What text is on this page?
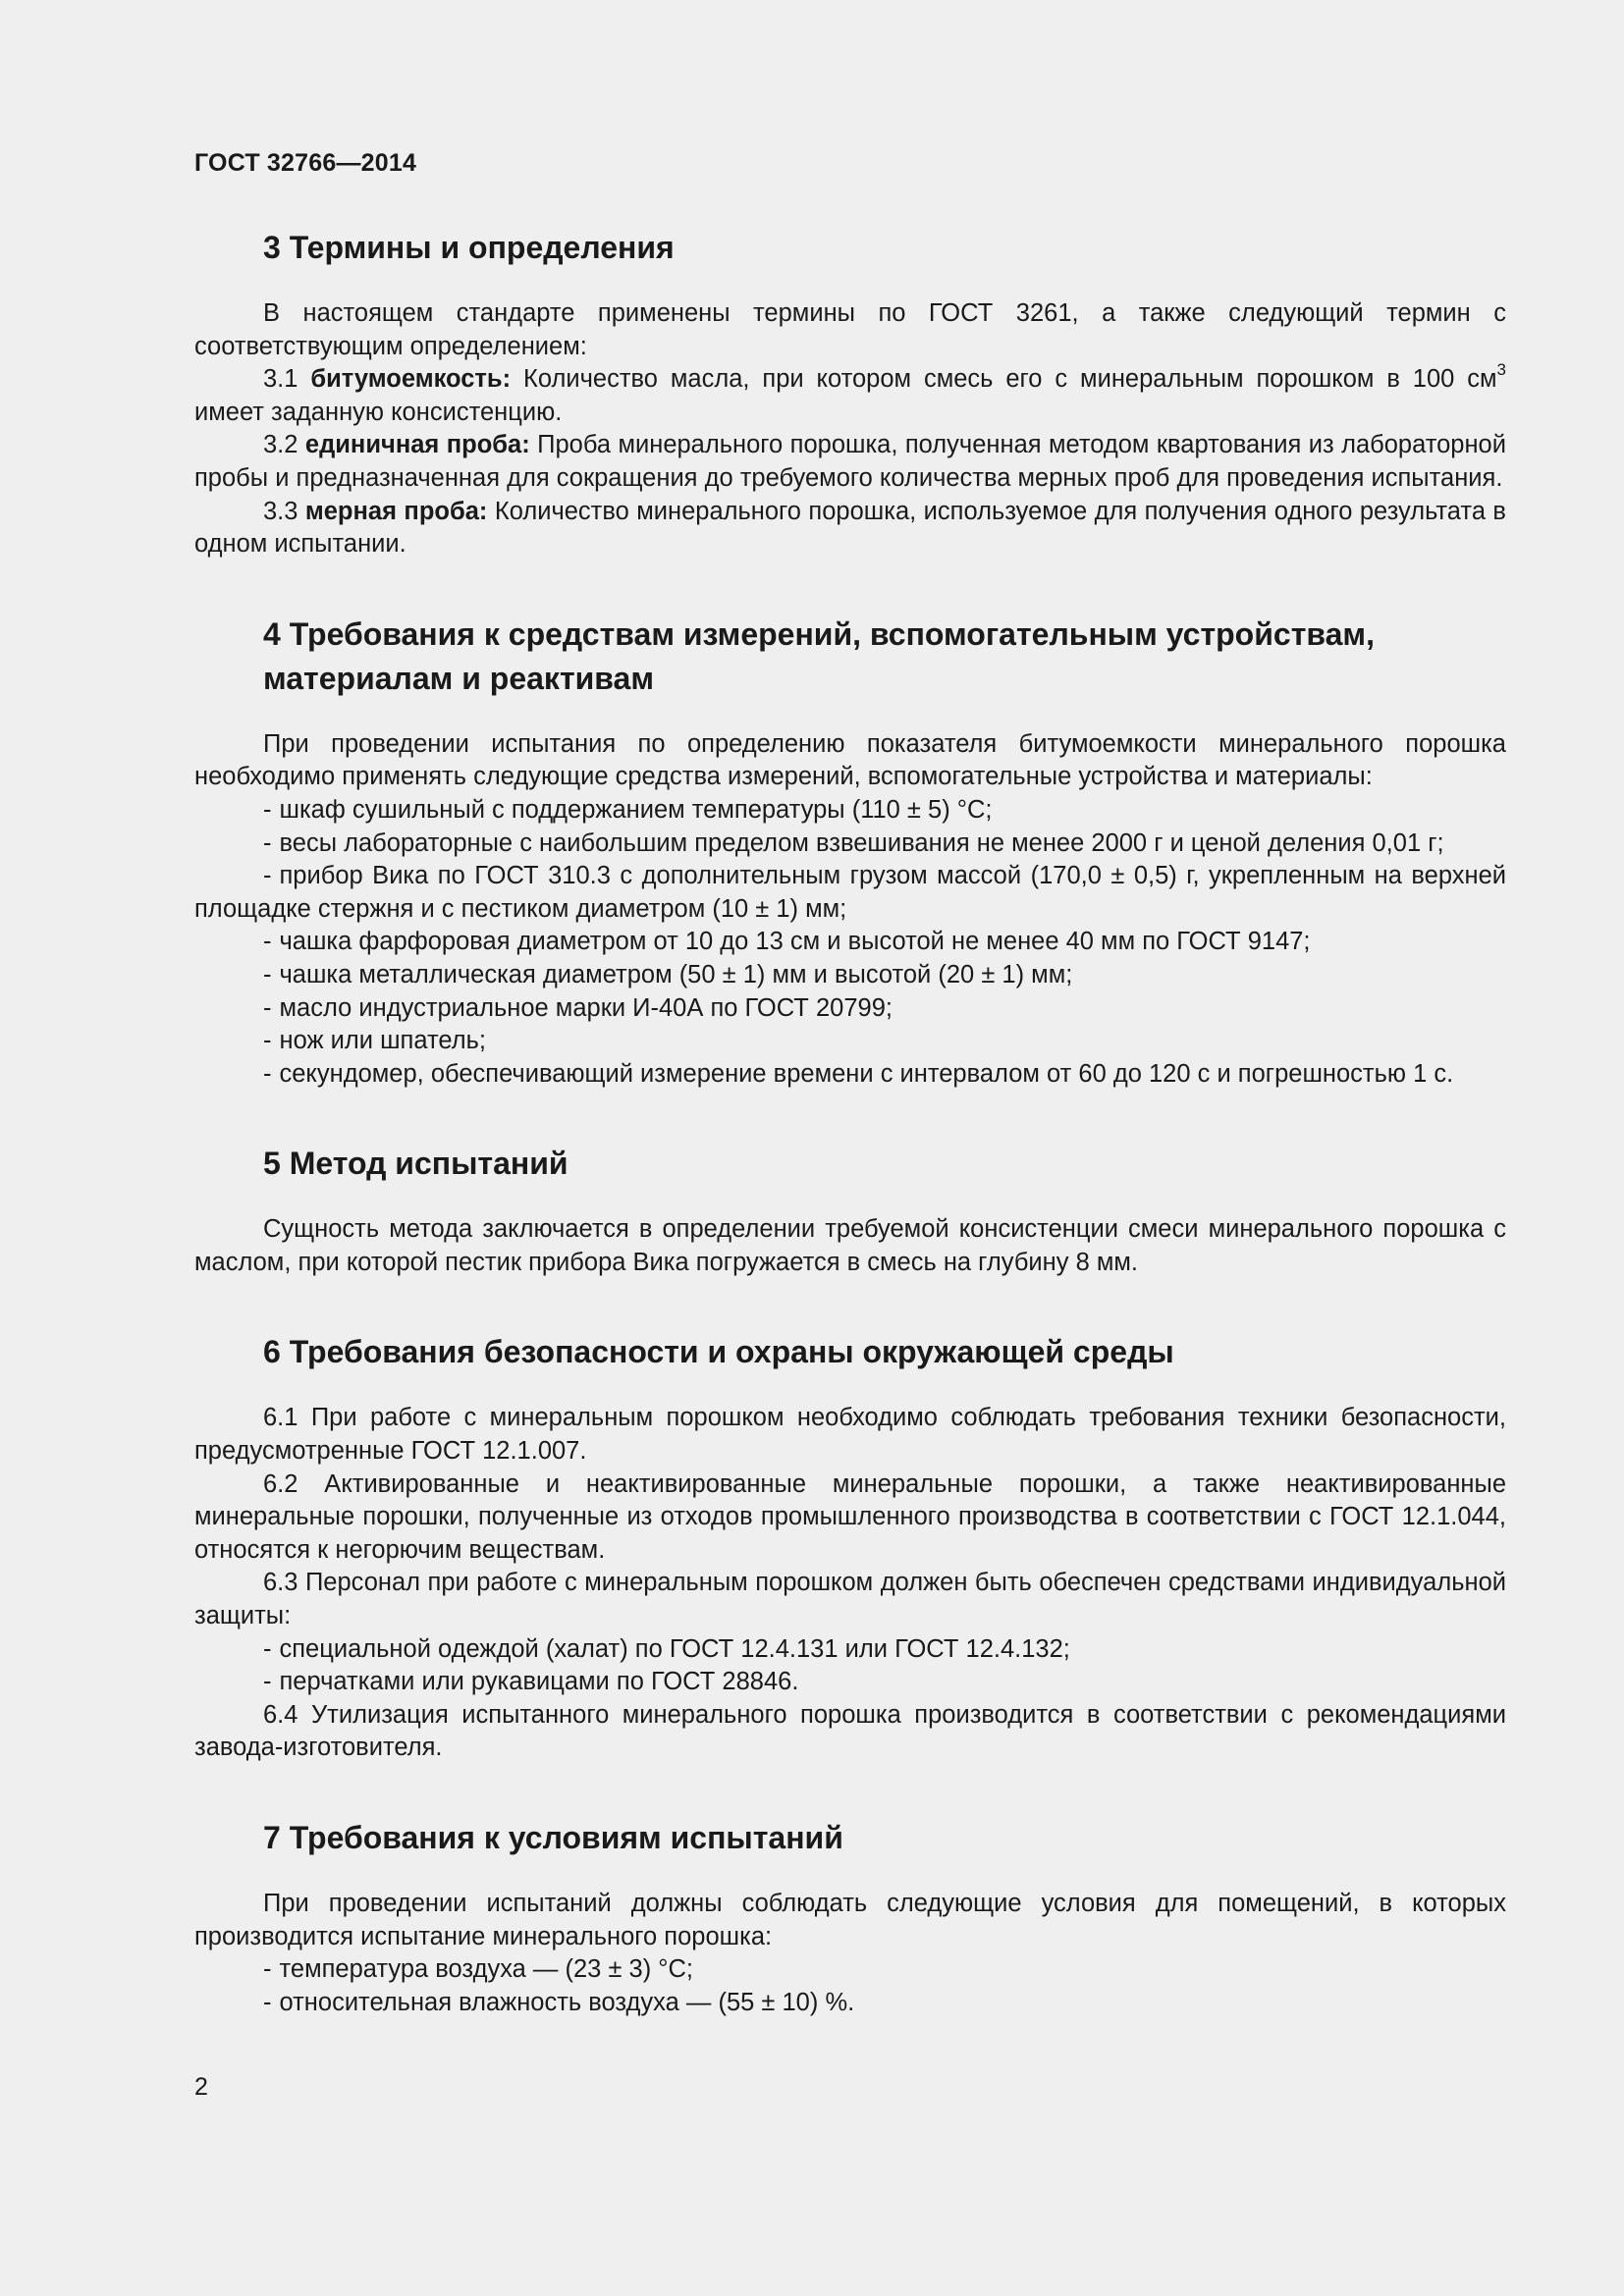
ГОСТ 32766—2014
3 Термины и определения

В настоящем стандарте применены термины по ГОСТ 3261, а также следующий термин с соответствующим определением:

3.1 битумоемкость: Количество масла, при котором смесь его с минеральным порошком в 100 $см^3$ имеет заданную консистенцию.

3.2 единичная проба: Проба минерального порошка, полученная методом квартования из лабораторной пробы и предназначенная для сокращения до требуемого количества мерных проб для проведения испытания.

3.3 мерная проба: Количество минерального порошка, используемое для получения одного результата в одном испытании.

4 Требования к средствам измерений, вспомогательным устройствам,
материалам и реактивам

При проведении испытания по определению показателя битумоемкости минерального порошка необходимо применять следующие средства измерений, вспомогательные устройства и материалы:

- шкаф сушильный с поддержанием температуры (110 ± 5) °С;
- весы лабораторные с наибольшим пределом взвешивания не менее 2000 г и ценой деления 0,01 г;
- прибор Вика по ГОСТ 310.3 с дополнительным грузом массой (170,0 ± 0,5) г, укрепленным на верхней площадке стержня и с пестиком диаметром (10 ± 1) мм;
- чашка фарфоровая диаметром от 10 до 13 см и высотой не менее 40 мм по ГОСТ 9147;
- чашка металлическая диаметром (50 ± 1) мм и высотой (20 ± 1) мм;
- масло индустриальное марки И-40А по ГОСТ 20799;
- нож или шпатель;
- секундомер, обеспечивающий измерение времени с интервалом от 60 до 120 с и погрешностью 1 с.
5 Метод испытаний

Сущность метода заключается в определении требуемой консистенции смеси минерального порошка с маслом, при которой пестик прибора Вика погружается в смесь на глубину 8 мм.

6 Требования безопасности и охраны окружающей среды

6.1 При работе с минеральным порошком необходимо соблюдать требования техники безопасности, предусмотренные ГОСТ 12.1.007.

6.2 Активированные и неактивированные минеральные порошки, а также неактивированные минеральные порошки, полученные из отходов промышленного производства в соответствии с ГОСТ 12.1.044, относятся к негорючим веществам.

6.3 Персонал при работе с минеральным порошком должен быть обеспечен средствами индивидуальной защиты:

- специальной одеждой (халат) по ГОСТ 12.4.131 или ГОСТ 12.4.132;
- перчатками или рукавицами по ГОСТ 28846.

6.4 Утилизация испытанного минерального порошка производится в соответствии с рекомендациями завода-изготовителя.

7 Требования к условиям испытаний

При проведении испытаний должны соблюдать следующие условия для помещений, в которых производится испытание минерального порошка:

- температура воздуха — (23 ± 3) °С;
- относительная влажность воздуха — (55 ± 10) %.
2
